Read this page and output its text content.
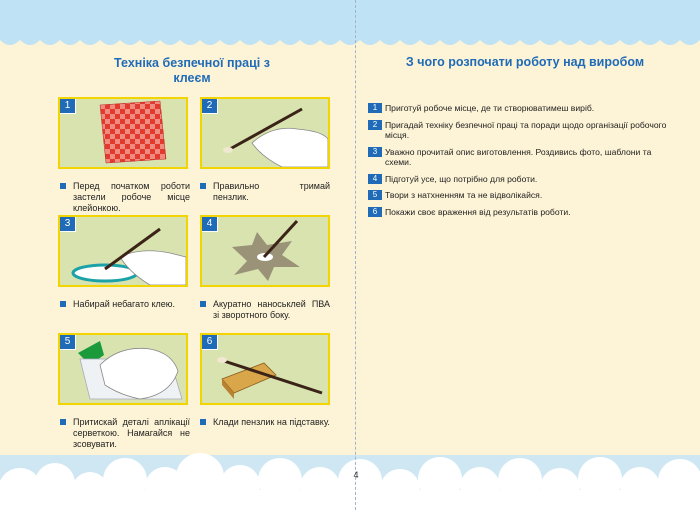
Техніка безпечної праці з клеєм
З чого розпочати роботу над виробом
1
Перед початком роботи застели робоче місце клейонкою.
2
Правильно тримай пензлик.
3
Набирай небагато клею.
4
Акуратно наноськлей ПВА зі зворотного боку.
5
Притискай деталі аплікації серветкою. Намагайся не зсовувати.
6
Клади пензлик на підставку.
1 Приготуй робоче місце, де ти створюватимеш виріб.
2 Пригадай техніку безпечної праці та поради щодо організації робочого місця.
3 Уважно прочитай опис виготовлення. Роздивись фото, шаблони та схеми.
4 Підготуй усе, що потрібно для роботи.
5 Твори з натхненням та не відволікайся.
6 Покажи своє враження від результатів роботи.
4
